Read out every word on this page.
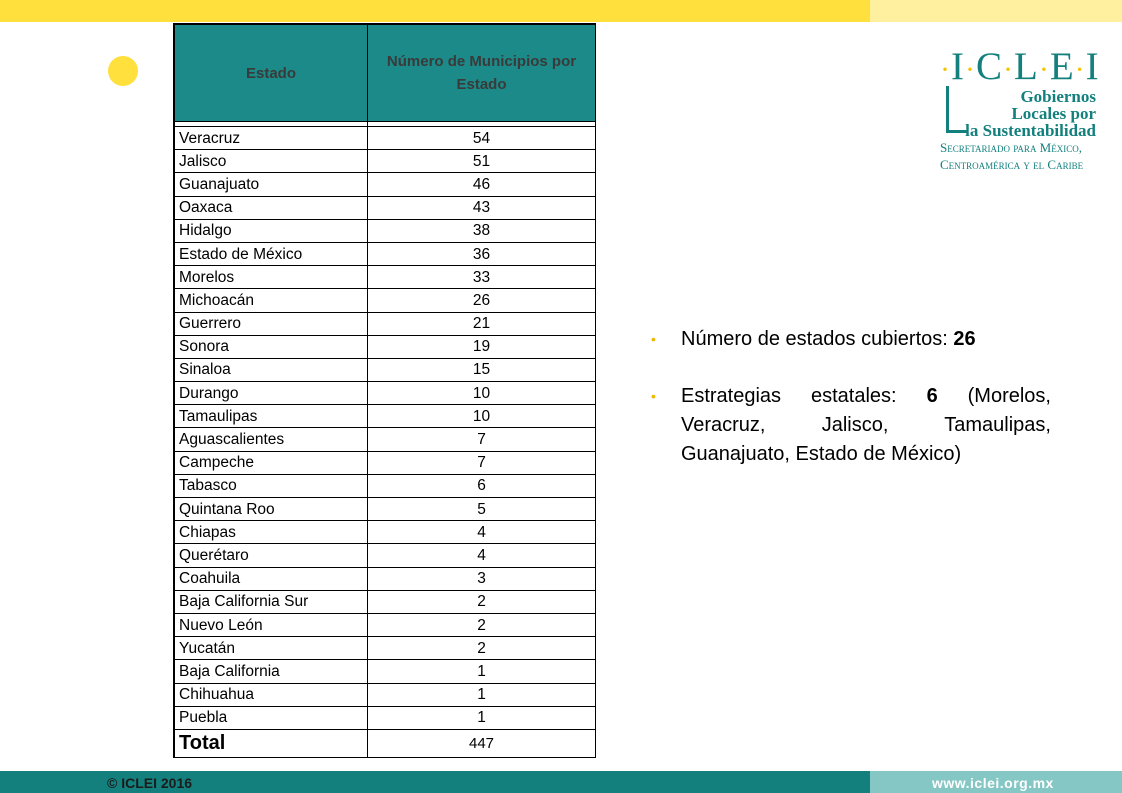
Estado	Número de Municipios por Estado

Veracruz	54
Jalisco	51
Guanajuato	46
Oaxaca	43
Hidalgo	38
Estado de México	36
Morelos	33
Michoacán	26
Guerrero	21
Sonora	19
Sinaloa	15
Durango	10
Tamaulipas	10
Aguascalientes	7
Campeche	7
Tabasco	6
Quintana Roo	5
Chiapas	4
Querétaro	4
Coahuila	3
Baja California Sur	2
Nuevo León	2
Yucatán	2
Baja California	1
Chihuahua	1
Puebla	1
Total	447
• Número de estados cubiertos: 26
• Estrategias estatales: 6 (Morelos, Veracruz, Jalisco, Tamaulipas, Guanajuato, Estado de México)
·I·C·L·E·I
Gobiernos
Locales por
la Sustentabilidad
Secretariado para México,
Centroamérica y el Caribe
© ICLEI 2016	www.iclei.org.mx
